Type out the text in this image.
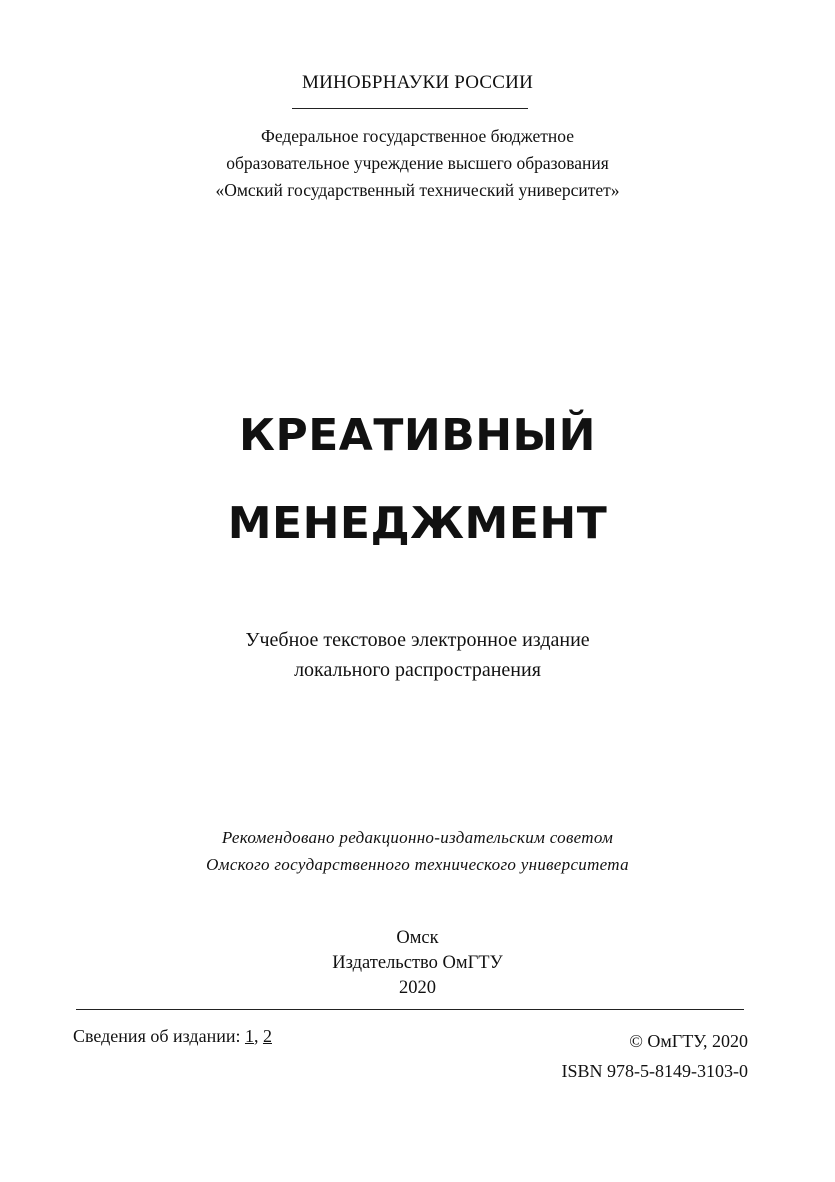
МИНОБРНАУКИ РОССИИ
Федеральное государственное бюджетное
образовательное учреждение высшего образования
«Омский государственный технический университет»
КРЕАТИВНЫЙ
МЕНЕДЖМЕНТ
Учебное текстовое электронное издание
локального распространения
Рекомендовано редакционно-издательским советом
Омского государственного технического университета
Омск
Издательство ОмГТУ
2020
Сведения об издании: 1, 2	© ОмГТУ, 2020
ISBN 978-5-8149-3103-0
